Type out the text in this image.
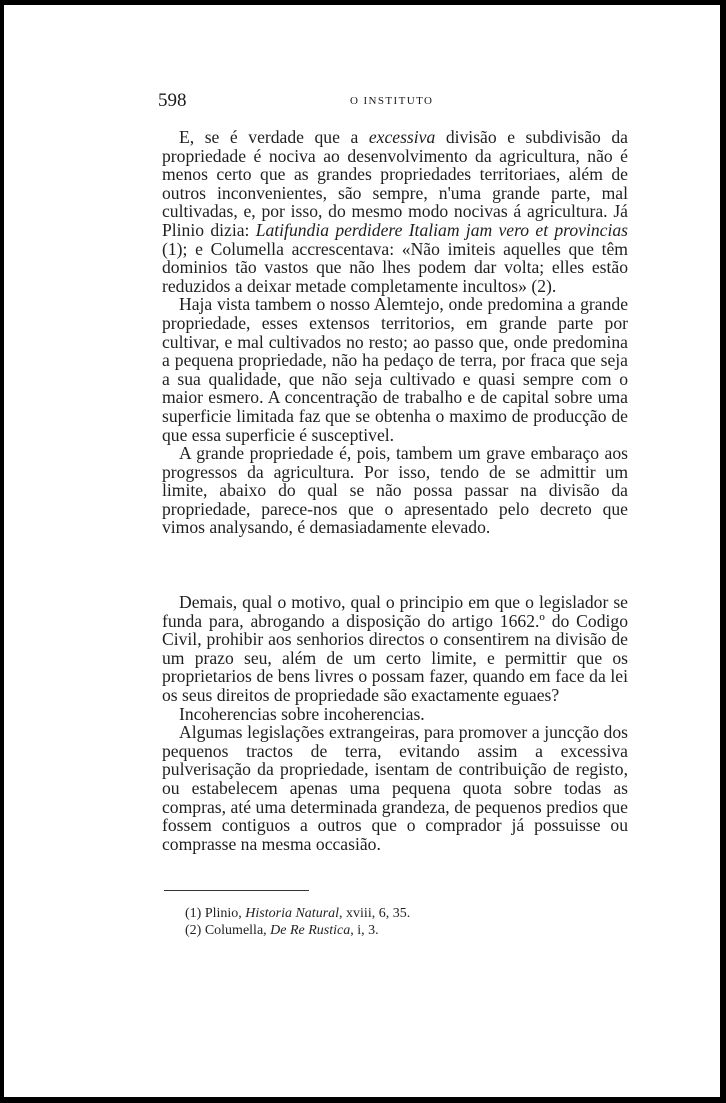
598	O INSTITUTO

E, se é verdade que a excessiva divisão e subdivisão da propriedade é nociva ao desenvolvimento da agricultura, não é menos certo que as grandes propriedades territoriaes, além de outros inconvenientes, são sempre, n'uma grande parte, mal cultivadas, e, por isso, do mesmo modo nocivas á agricultura. Já Plinio dizia: Latifundia perdidere Italiam jam vero et provincias (1); e Columella accrescentava: «Não imiteis aquelles que têm dominios tão vastos que não lhes podem dar volta; elles estão reduzidos a deixar metade completamente incultos» (2).

Haja vista tambem o nosso Alemtejo, onde predomina a grande propriedade, esses extensos territorios, em grande parte por cultivar, e mal cultivados no resto; ao passo que, onde predomina a pequena propriedade, não ha pedaço de terra, por fraca que seja a sua qualidade, que não seja cultivado e quasi sempre com o maior esmero. A concentração de trabalho e de capital sobre uma superficie limitada faz que se obtenha o maximo de producção de que essa superficie é susceptivel.

A grande propriedade é, pois, tambem um grave embaraço aos progressos da agricultura. Por isso, tendo de se admittir um limite, abaixo do qual se não possa passar na divisão da propriedade, parece-nos que o apresentado pelo decreto que vimos analysando, é demasiadamente elevado.

Demais, qual o motivo, qual o principio em que o legislador se funda para, abrogando a disposição do artigo 1662.º do Codigo Civil, prohibir aos senhorios directos o consentirem na divisão de um prazo seu, além de um certo limite, e permittir que os proprietarios de bens livres o possam fazer, quando em face da lei os seus direitos de propriedade são exactamente eguaes?

Incoherencias sobre incoherencias.

Algumas legislações extrangeiras, para promover a juncção dos pequenos tractos de terra, evitando assim a excessiva pulverisação da propriedade, isentam de contribuição de registo, ou estabelecem apenas uma pequena quota sobre todas as compras, até uma determinada grandeza, de pequenos predios que fossem contiguos a outros que o comprador já possuisse ou comprasse na mesma occasião.

(1) Plinio, Historia Natural, xviii, 6, 35.
(2) Columella, De Re Rustica, i, 3.
